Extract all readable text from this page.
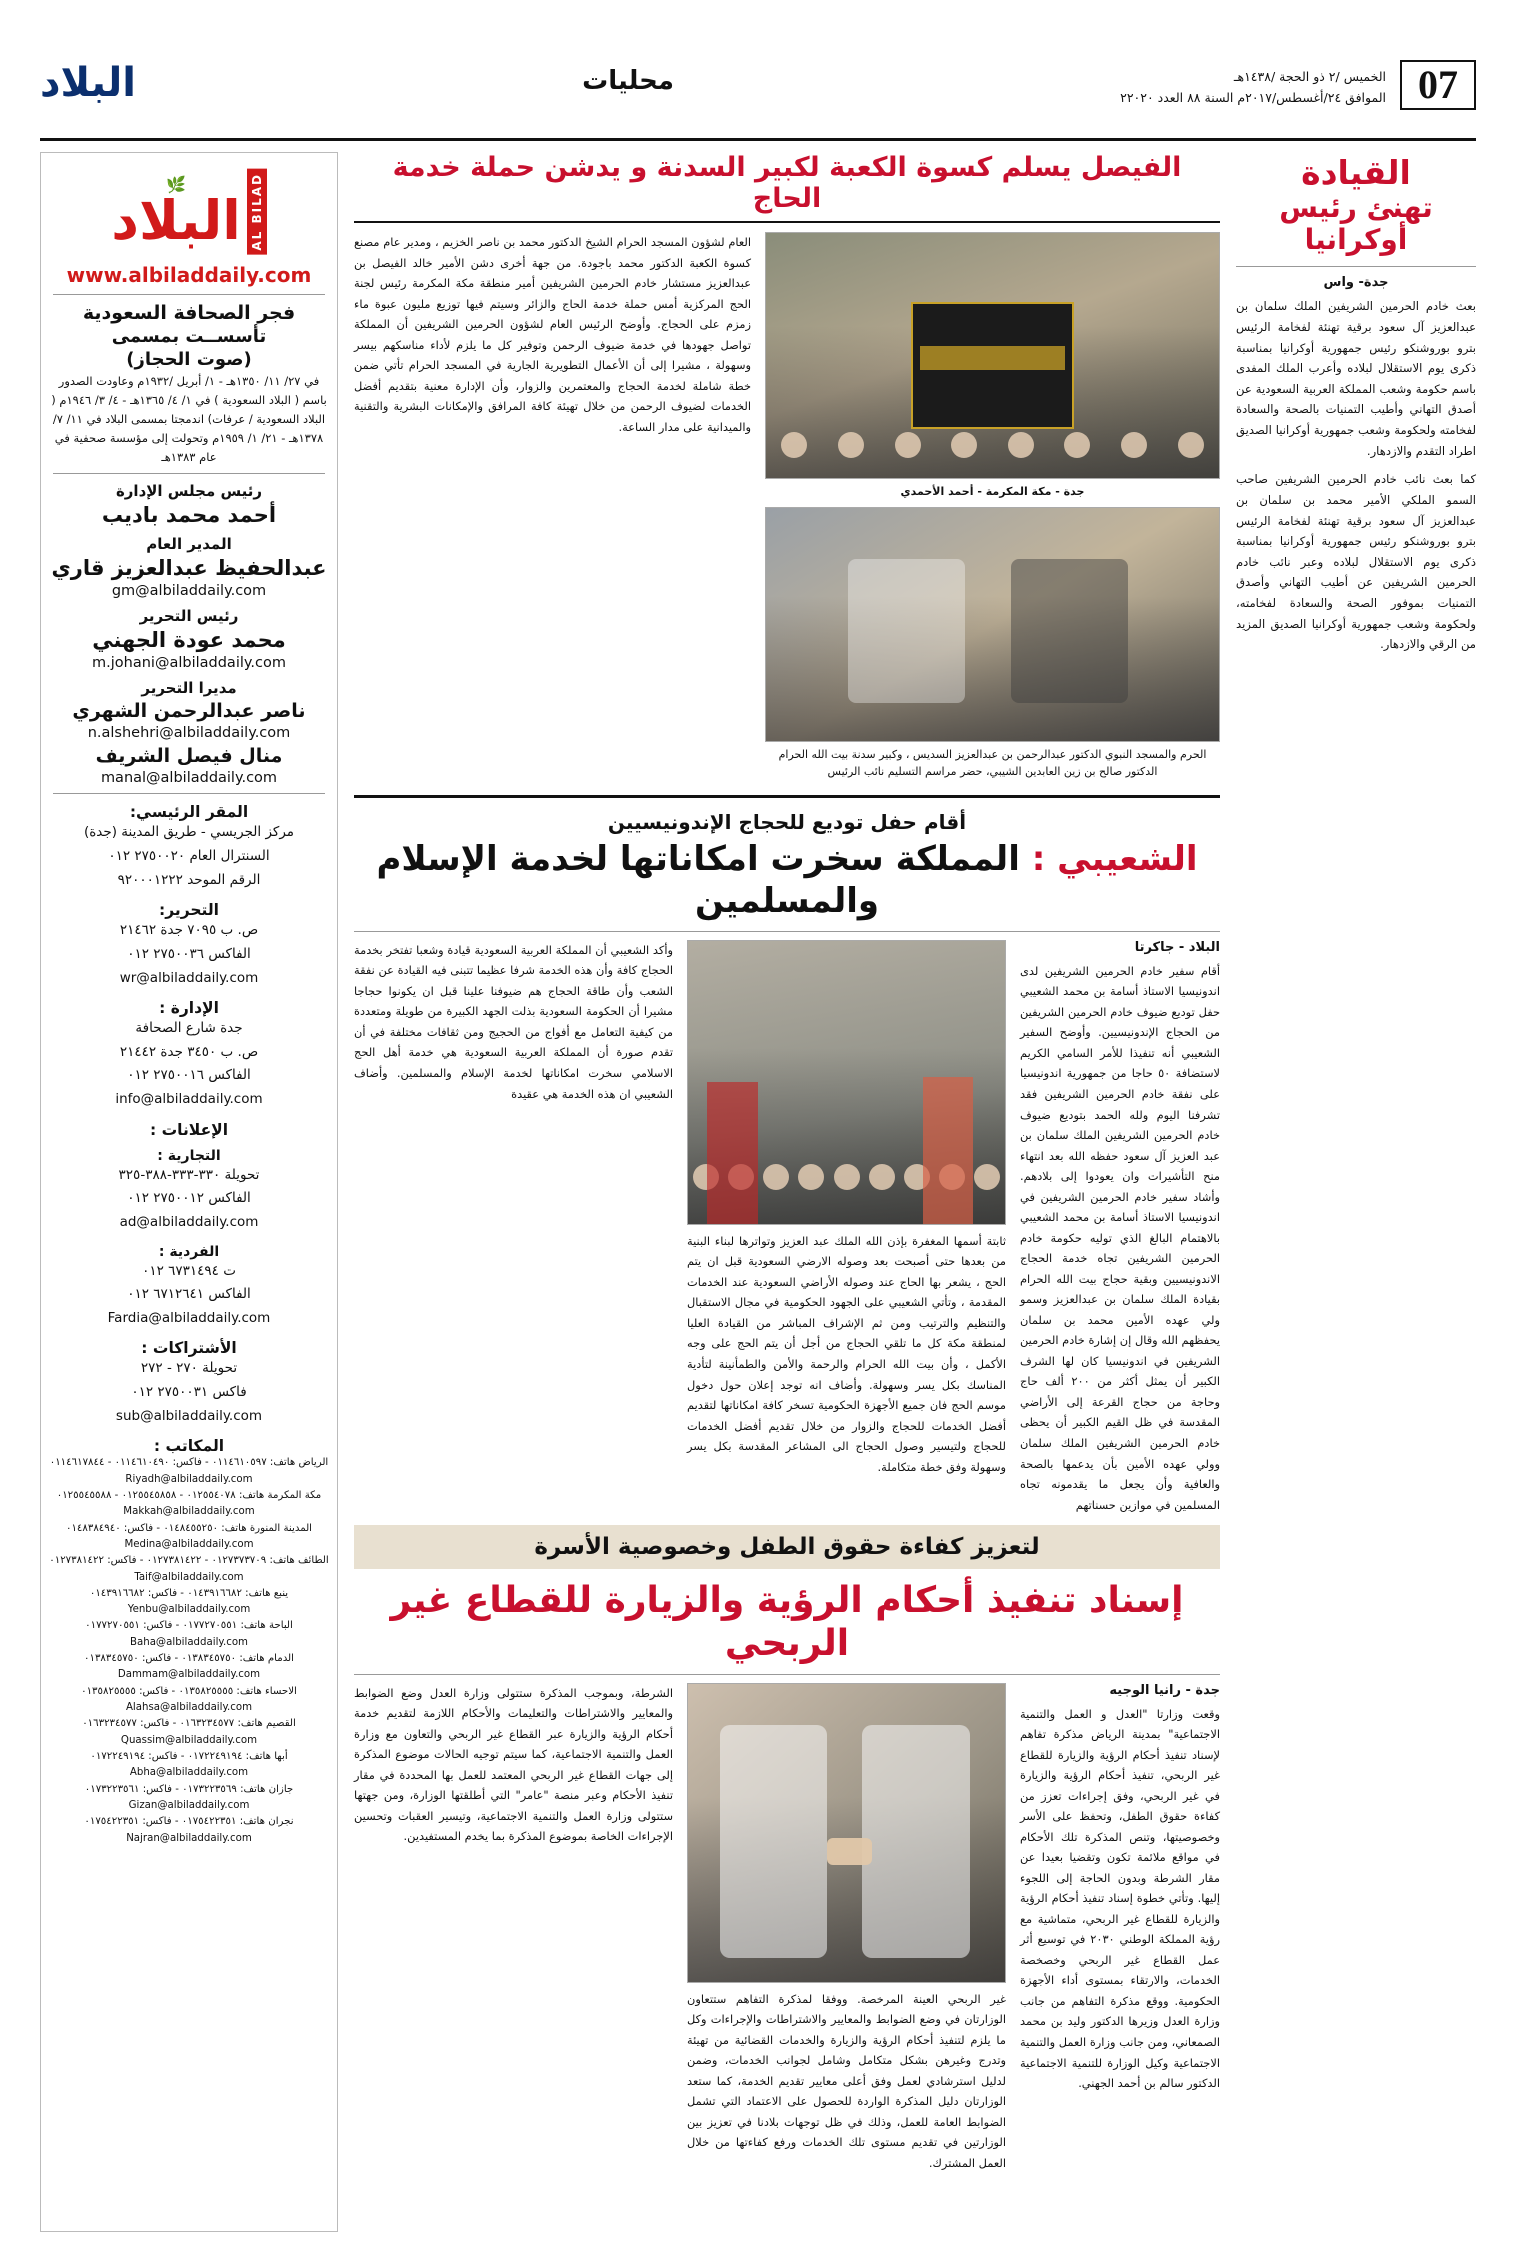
07
الخميس /٢ ذو الحجة /١٤٣٨هـ
الموافق ٢٤/أغسطس/٢٠١٧م السنة ٨٨ العدد ٢٢٠٢٠
محليات
البلاد
AL BILAD
🌿
البلاد
www.albiladdaily.com
فجر الصحافة السعودية
تأسســت بمسمى
(صوت الحجاز)
في ٢٧/ ١١/ ١٣٥٠هـ - ١/ أبريل /١٩٣٢م وعاودت الصدور باسم ( البلاد السعودية ) في ١/ ٤/ ١٣٦٥هـ - ٤/ ٣/ ١٩٤٦م ( البلاد السعودية / عرفات) اندمجتا بمسمى البلاد في ١١/ ٧/ ١٣٧٨هـ - ٢١/ ١/ ١٩٥٩م وتحولت إلى مؤسسة صحفية في عام ١٣٨٣هـ
رئيس مجلس الإدارة
أحمد محمد باديب
المدير العام
عبدالحفيظ عبدالعزيز قاري
gm@albiladdaily.com
رئيس التحرير
محمد عودة الجهني
m.johani@albiladdaily.com
مديرا التحرير
ناصر عبدالرحمن الشهري
n.alshehri@albiladdaily.com
منال فيصل الشريف
manal@albiladdaily.com
المقر الرئيسي:
مركز الجريسي - طريق المدينة (جدة)
السنترال العام ٢٧٥٠٠٢٠ ٠١٢
الرقم الموحد ٩٢٠٠٠١٢٢٢
التحرير:
ص. ب ٧٠٩٥ جدة ٢١٤٦٢
الفاكس ٢٧٥٠٠٣٦ ٠١٢
wr@albiladdaily.com
الإدارة :
جدة شارع الصحافة
ص. ب ٣٤٥٠ جدة ٢١٤٤٢
الفاكس ٢٧٥٠٠١٦ ٠١٢
info@albiladdaily.com
الإعلانات :
التجارية :
تحويلة ٣٣٠-٣٣٣-٣٨٨-٣٢٥
الفاكس ٢٧٥٠٠١٢ ٠١٢
ad@albiladdaily.com
الفردية :
ت ٦٧٣١٤٩٤ ٠١٢
الفاكس ٦٧١٢٦٤١ ٠١٢
Fardia@albiladdaily.com
الأشتراكات :
تحويلة ٢٧٠ - ٢٧٢
فاكس ٢٧٥٠٠٣١ ٠١٢
sub@albiladdaily.com
المكاتب :
الرياض هاتف: ٠١١٤٦١٠٥٩٧ - فاكس: ٠١١٤٦١٠٤٩٠ - ٠١١٤٦١٧٨٤٤
Riyadh@albiladdaily.com
مكة المكرمة هاتف: ٠١٢٥٥٤٠٧٨ - ٠١٢٥٥٤٥٨٥٨ - ٠١٢٥٥٤٥٥٨٨
Makkah@albiladdaily.com
المدينة المنورة هاتف: ٠١٤٨٤٥٥٢٥٠ - فاكس: ٠١٤٨٣٨٤٩٤٠
Medina@albiladdaily.com
الطائف هاتف: ٠١٢٧٣٧٣٧٠٩ - ٠١٢٧٣٨١٤٢٢ - فاكس: ٠١٢٧٣٨١٤٢٢
Taif@albiladdaily.com
ينبع هاتف: ٠١٤٣٩١٦٦٨٢ - فاكس: ٠١٤٣٩١٦٦٨٢
Yenbu@albiladdaily.com
الباحة هاتف: ٠١٧٧٢٧٠٥٥١ - فاكس: ٠١٧٧٢٧٠٥٥١
Baha@albiladdaily.com
الدمام هاتف: ٠١٣٨٣٤٥٧٥٠ - فاكس: ٠١٣٨٣٤٥٧٥٠
Dammam@albiladdaily.com
الاحساء هاتف: ٠١٣٥٨٢٥٥٥٥ - فاكس: ٠١٣٥٨٢٥٥٥٥
Alahsa@albiladdaily.com
القصيم هاتف: ٠١٦٣٢٣٤٥٧٧ - فاكس: ٠١٦٣٢٣٤٥٧٧
Quassim@albiladdaily.com
أبها هاتف: ٠١٧٢٢٤٩١٩٤ - فاكس: ٠١٧٢٢٤٩١٩٤
Abha@albiladdaily.com
جازان هاتف: ٠١٧٣٢٢٣٥٦٩ - فاكس: ٠١٧٣٢٢٣٥٦١
Gizan@albiladdaily.com
نجران هاتف: ٠١٧٥٤٢٢٣٥١ - فاكس: ٠١٧٥٤٢٢٣٥١
Najran@albiladdaily.com
القيادة
تهنئ رئيس
أوكرانيا
جدة- واس
بعث خادم الحرمين الشريفين الملك سلمان بن عبدالعزيز آل سعود برقية تهنئة لفخامة الرئيس بترو بوروشنكو رئيس جمهورية أوكرانيا بمناسبة ذكرى يوم الاستقلال لبلاده وأعرب الملك المفدى باسم حكومة وشعب المملكة العربية السعودية عن أصدق التهاني وأطيب التمنيات بالصحة والسعادة لفخامته ولحكومة وشعب جمهورية أوكرانيا الصديق اطراد التقدم والازدهار.
كما بعث نائب خادم الحرمين الشريفين صاحب السمو الملكي الأمير محمد بن سلمان بن عبدالعزيز آل سعود برقية تهنئة لفخامة الرئيس بترو بوروشنكو رئيس جمهورية أوكرانيا بمناسبة ذكرى يوم الاستقلال لبلاده وعبر نائب خادم الحرمين الشريفين عن أطيب التهاني وأصدق التمنيات بموفور الصحة والسعادة لفخامته، ولحكومة وشعب جمهورية أوكرانيا الصديق المزيد من الرقي والازدهار.
الفيصل يسلم كسوة الكعبة لكبير السدنة و يدشن حملة خدمة الحاج
جدة - مكة المكرمة - أحمد الأحمدي
الحرم والمسجد النبوي الدكتور عبدالرحمن بن عبدالعزيز السديس ، وكبير سدنة بيت الله الحرام الدكتور صالح بن زين العابدين الشيبي، حضر مراسم التسليم نائب الرئيس
العام لشؤون المسجد الحرام الشيخ الدكتور محمد بن ناصر الخزيم ، ومدير عام مصنع كسوة الكعبة الدكتور محمد باجودة. من جهة أخرى دشن الأمير خالد الفيصل بن عبدالعزيز مستشار خادم الحرمين الشريفين أمير منطقة مكة المكرمة رئيس لجنة الحج المركزية أمس حملة خدمة الحاج والزائر وسيتم فيها توزيع مليون عبوة ماء زمزم على الحجاج. وأوضح الرئيس العام لشؤون الحرمين الشريفين أن المملكة تواصل جهودها في خدمة ضيوف الرحمن وتوفير كل ما يلزم لأداء مناسكهم بيسر وسهولة ، مشيرا إلى أن الأعمال التطويرية الجارية في المسجد الحرام تأتي ضمن خطة شاملة لخدمة الحجاج والمعتمرين والزوار، وأن الإدارة معنية بتقديم أفضل الخدمات لضيوف الرحمن من خلال تهيئة كافة المرافق والإمكانات البشرية والتقنية والميدانية على مدار الساعة.
أقام حفل توديع للحجاج الإندونيسيين
الشعيبي : المملكة سخرت امكاناتها لخدمة الإسلام والمسلمين
البلاد - جاكرتا
أقام سفير خادم الحرمين الشريفين لدى اندونيسيا الاستاذ أسامة بن محمد الشعيبي حفل توديع ضيوف خادم الحرمين الشريفين من الحجاج الإندونيسيين. وأوضح السفير الشعيبي أنه تنفيذا للأمر السامي الكريم لاستضافة ٥٠ حاجا من جمهورية اندونيسيا على نفقة خادم الحرمين الشريفين فقد تشرفنا اليوم ولله الحمد بتوديع ضيوف خادم الحرمين الشريفين الملك سلمان بن عبد العزيز آل سعود حفظه الله بعد انتهاء منح التأشيرات وان يعودوا إلى بلادهم. وأشاد سفير خادم الحرمين الشريفين في اندونيسيا الاستاذ أسامة بن محمد الشعيبي بالاهتمام البالغ الذي توليه حكومة خادم الحرمين الشريفين تجاه خدمة الحجاج الاندونيسيين وبقية حجاج بيت الله الحرام بقيادة الملك سلمان بن عبدالعزيز وسمو ولي عهده الأمين محمد بن سلمان يحفظهم الله وقال إن إشارة خادم الحرمين الشريفين في اندونيسيا كان لها الشرف الكبير أن يمثل أكثر من ٢٠٠ ألف حاج وحاجة من حجاج القرعة إلى الأراضي المقدسة في ظل القيم الكبير أن يحظى خادم الحرمين الشريفين الملك سلمان وولي عهده الأمين بأن يدعمها بالصحة والعافية وأن يجعل ما يقدمونه تجاه المسلمين في موازين حسناتهم
ثابتة أسمها المغفرة بإذن الله الملك عبد العزيز وتواترها لبناء البنية من بعدها حتى أصبحت بعد وصوله الارضي السعودية قبل ان يتم الحج ، يشعر بها الحاج عند وصوله الأراضي السعودية عند الخدمات المقدمة ، وتأتي الشعيبي على الجهود الحكومية في مجال الاستقبال والتنظيم والترتيب ومن ثم الإشراف المباشر من القيادة العليا لمنطقة مكة كل ما تلقي الحجاج من أجل أن يتم الحج على وجه الأكمل ، وأن بيت الله الحرام والرحمة والأمن والطمأنينة لتأدية المناسك بكل يسر وسهولة. وأضاف انه توجد إعلان حول دخول موسم الحج فان جميع الأجهزة الحكومية تسخر كافة امكاناتها لتقديم أفضل الخدمات للحجاج والزوار من خلال تقديم أفضل الخدمات للحجاج ولتيسير وصول الحجاج الى المشاعر المقدسة بكل يسر وسهولة وفق خطة متكاملة.
وأكد الشعيبي أن المملكة العربية السعودية قيادة وشعبا تفتخر بخدمة الحجاج كافة وأن هذه الخدمة شرفا عظيما تتبنى فيه القيادة عن نفقة الشعب وأن طاقة الحجاج هم ضيوفنا علينا قبل ان يكونوا حجاجا مشيرا أن الحكومة السعودية بذلت الجهد الكبيرة من طويلة ومتعددة من كيفية التعامل مع أفواج من الحجيج ومن ثقافات مختلفة في أن تقدم صورة أن المملكة العربية السعودية هي خدمة أهل الحج الاسلامي سخرت امكاناتها لخدمة الإسلام والمسلمين. وأضاف الشعيبي ان هذه الخدمة هي عقيدة
لتعزيز كفاءة حقوق الطفل وخصوصية الأسرة
إسناد تنفيذ أحكام الرؤية والزيارة للقطاع غير الربحي
جدة - رانيا الوجيه
وقعت وزارتا "العدل و العمل والتنمية الاجتماعية" بمدينة الرياض مذكرة تفاهم لإسناد تنفيذ أحكام الرؤية والزيارة للقطاع غير الربحي، تنفيذ أحكام الرؤية والزيارة في غير الربحي، وفق إجراءات تعزز من كفاءة حقوق الطفل، وتحفظ على الأسر وخصوصيتها، وتنص المذكرة تلك الأحكام في مواقع ملائمة تكون وتقضيا بعيدا عن مقار الشرطة وبدون الحاجة إلى اللجوء إليها. وتأتي خطوة إسناد تنفيذ أحكام الرؤية والزيارة للقطاع غير الربحي، متماشية مع رؤية المملكة الوطني ٢٠٣٠ في توسيع أثر عمل القطاع غير الربحي وخصخصة الخدمات، والارتقاء بمستوى أداء الأجهزة الحكومية. ووقع مذكرة التفاهم من جانب وزارة العدل وزيرها الدكتور وليد بن محمد الصمعاني، ومن جانب وزارة العمل والتنمية الاجتماعية وكيل الوزارة للتنمية الاجتماعية الدكتور سالم بن أحمد الجهني.
غير الربحي العينة المرخصة. ووفقا لمذكرة التفاهم ستتعاون الوزارتان في وضع الضوابط والمعايير والاشتراطات والإجراءات وكل ما يلزم لتنفيذ أحكام الرؤية والزيارة والخدمات القضائية من تهيئة وتدرج وغيرهن بشكل متكامل وشامل لجوانب الخدمات، وضمن لدليل استرشادي لعمل وفق أعلى معايير تقديم الخدمة، كما ستعد الوزارتان دليل المذكرة الواردة للحصول على الاعتماد التي تشمل الضوابط العامة للعمل، وذلك في ظل توجهات بلادنا في تعزيز بين الوزارتين في تقديم مستوى تلك الخدمات ورفع كفاءتها من خلال العمل المشترك.
الشرطة، وبموجب المذكرة ستتولى وزارة العدل وضع الضوابط والمعايير والاشتراطات والتعليمات والأحكام اللازمة لتقديم خدمة أحكام الرؤية والزيارة عبر القطاع غير الربحي والتعاون مع وزارة العمل والتنمية الاجتماعية، كما سيتم توجيه الحالات موضوع المذكرة إلى جهات القطاع غير الربحي المعتمد للعمل بها المحددة في مقار تنفيذ الأحكام وعبر منصة "عامر" التي أطلقتها الوزارة، ومن جهتها ستتولى وزارة العمل والتنمية الاجتماعية، وتيسير العقبات وتحسين الإجراءات الخاصة بموضوع المذكرة بما يخدم المستفيدين.
